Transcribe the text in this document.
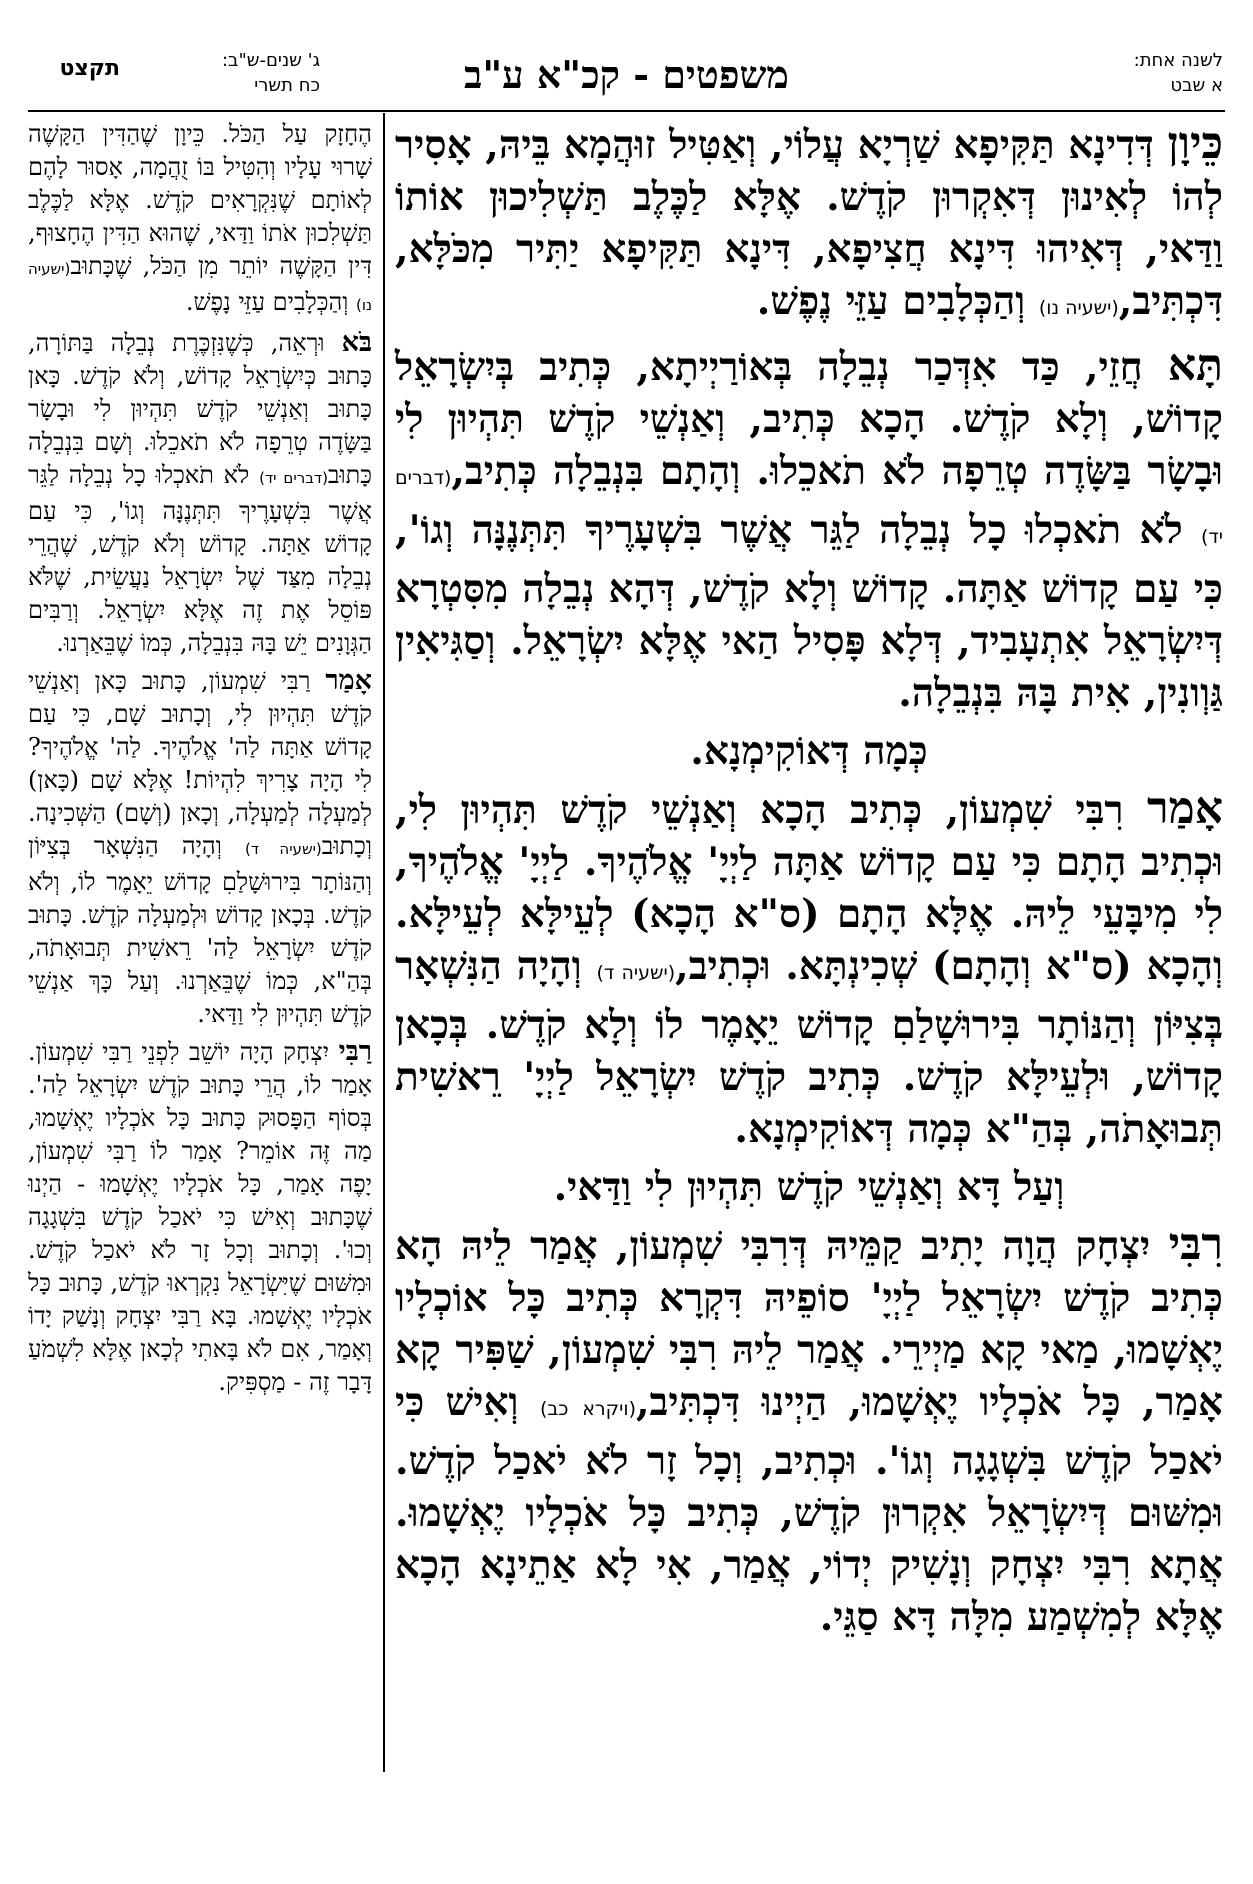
לשנה אחת:
א שבט
משפטים - קכ"א ע"ב
ג' שנים-ש"ב:
כח תשרי
תקצט

כֵּיוָן דְּדִינָא תַּקִּיפָא שַׁרְיָא עֲלוֹי, וְאַטִּיל זוּהֲמָא בֵּיהּ, אָסִיר לְהוֹ לְאִינוּן דְּאִקְרוּן קֹדֶשׁ. אֶלָּא לַכֶּלֶב תַּשְׁלִיכוּן אוֹתוֹ וַדַּאי, דְּאִיהוּ דִּינָא חֲצִיפָא, דִּינָא תַּקִּיפָא יַתִּיר מִכֹּלָּא, דִּכְתִּיב,(ישעיה נו) וְהַכְּלָבִים עַזֵּי נֶפֶשׁ.

תָּא חֲזֵי, כַּד אִדְּכַר נְבֵלָה בְּאוֹרַיְיתָא, כְּתִיב בְּיִשְׂרָאֵל קָדוֹשׁ, וְלָא קֹדֶשׁ. הָכָא כְּתִיב, וְאַנְשֵׁי קֹדֶשׁ תִּהְיוּן לִי וּבָשָׂר בַּשָּׂדֶה טְרֵפָה לֹא תֹאכֵלוּ. וְהָתָם בִּנְבֵלָה כְּתִיב,(דברים יד) לֹא תֹאכְלוּ כָל נְבֵלָה לַגֵּר אֲשֶׁר בִּשְׁעָרֶיךָ תִּתְּנֶנָּה וְגוֹ', כִּי עַם קָדוֹשׁ אַתָּה. קָדוֹשׁ וְלָא קֹדֶשׁ, דְּהָא נְבֵלָה מִסִּטְרָא דְּיִשְׂרָאֵל אִתְעָבִיד, דְּלָא פָּסִיל הַאי אֶלָּא יִשְׂרָאֵל. וְסַגִּיאִין גַּוְונִין, אִית בָּהּ בִּנְבֵלָה.

כְּמָה דְּאוֹקִימְנָא.

אָמַר רִבִּי שִׁמְעוֹן, כְּתִיב הָכָא וְאַנְשֵׁי קֹדֶשׁ תִּהְיוּן לִי, וּכְתִיב הָתָם כִּי עַם קָדוֹשׁ אַתָּה לַיְיָ' אֱלֹהֶיךָ. לַיְיָ' אֱלֹהֶיךָ, לִי מִיבָּעֵי לֵיהּ. אֶלָּא הָתָם (ס"א הָכָא) לְעֵילָּא לְעֵילָּא. וְהָכָא (ס"א וְהָתָם) שְׁכִינְתָּא. וּכְתִיב,(ישעיה ד) וְהָיָה הַנִּשְׁאָר בְּצִיּוֹן וְהַנּוֹתָר בִּירוּשָׁלַםִ קָדוֹשׁ יֵאָמֶר לוֹ וְלָא קֹדֶשׁ. בְּכָאן קָדוֹשׁ, וּלְעֵילָּא קֹדֶשׁ. כְּתִיב קֹדֶשׁ יִשְׂרָאֵל לַיְיָ' רֵאשִׁית תְּבוּאָתֹה, בְּהַ"א כְּמָה דְּאוֹקִימְנָא.

וְעַל דָּא וְאַנְשֵׁי קֹדֶשׁ תִּהְיוּן לִי וַדַּאי.

רִבִּי יִצְחָק הֲוָה יָתִיב קַמֵּיהּ דְּרִבִּי שִׁמְעוֹן, אֲמַר לֵיהּ הָא כְּתִיב קֹדֶשׁ יִשְׂרָאֵל לַיְיָ' סוֹפֵיהּ דִּקְרָא כְּתִיב כָּל אוֹכְלָיו יֶאְשָׁמוּ, מַאי קָא מַיְירֵי. אֲמַר לֵיהּ רִבִּי שִׁמְעוֹן, שַׁפִּיר קָא אָמַר, כָּל אֹכְלָיו יֶאְשָׁמוּ, הַיְינוּ דִּכְתִּיב,(ויקרא כב) וְאִישׁ כִּי יֹאכַל קֹדֶשׁ בִּשְׁגָגָה וְגוֹ'. וּכְתִיב, וְכָל זָר לֹא יֹאכַל קֹדֶשׁ. וּמִשּׁוּם דְּיִשְׂרָאֵל אִקְרוּן קֹדֶשׁ, כְּתִיב כָּל אֹכְלָיו יֶאְשָׁמוּ. אֲתָא רִבִּי יִצְחָק וְנָשִׁיק יְדוֹי, אֲמַר, אִי לָא אַתֵינָא הָכָא אֶלָּא לְמִשְׁמַע מִלָּה דָּא סַגֵּי.

הֶחָזָק עַל הַכֹּל. כֵּיוָן שֶׁהַדִּין הַקָּשֶׁה שָׁרוּי עָלָיו וְהִטִּיל בּוֹ זֻהֲמָה, אָסוּר לָהֶם לְאוֹתָם שֶׁנִּקְרָאִים קֹדֶשׁ. אֶלָּא לַכֶּלֶב תַּשְׁלִכוּן אֹתוֹ וַדַּאי, שֶׁהוּא הַדִּין הֶחָצוּף, דִּין הַקָּשֶׁה יוֹתֵר מִן הַכֹּל, שֶׁכָּתוּב(ישעיה נו) וְהַכְּלָבִים עַזֵּי נָפֶשׁ.

בֹּא וּרְאֵה, כְּשֶׁנִּזְכֶּרֶת נְבֵלָה בַּתּוֹרָה, כָּתוּב כְּיִשְׂרָאֵל קָדוֹשׁ, וְלֹא קֹדֶשׁ. כָּאן כָּתוּב וְאַנְשֵׁי קֹדֶשׁ תִּהְיוּן לִי וּבָשָׂר בַּשָּׂדֶה טְרֵפָה לֹא תֹאכֵלוּ. וְשָׁם בִּנְבֵלָה כָּתוּב(דברים יד) לֹא תֹאכְלוּ כָל נְבֵלָה לַגֵּר אֲשֶׁר בִּשְׁעָרֶיךָ תִּתְּנֶנָּה וְגוֹ', כִּי עַם קָדוֹשׁ אַתָּה. קָדוֹשׁ וְלֹא קֹדֶשׁ, שֶׁהֲרֵי נְבֵלָה מִצַּד שֶׁל יִשְׂרָאֵל נַעֲשֵׂית, שֶׁלֹּא פּוֹסֵל אֶת זֶה אֶלָּא יִשְׂרָאֵל. וְרַבִּים הַגְּוָנִים יֵשׁ בָּהּ בִּנְבֵלָה, כְּמוֹ שֶׁבֵּאַרְנוּ.

אָמַר רַבִּי שִׁמְעוֹן, כָּתוּב כָּאן וְאַנְשֵׁי קֹדֶשׁ תִּהְיוּן לִי, וְכָתוּב שָׁם, כִּי עַם קָדוֹשׁ אַתָּה לַה' אֱלֹהֶיךָ. לַה' אֱלֹהֶיךָ? לִי הָיָה צָרִיךְ לִהְיוֹת! אֶלָּא שָׁם (כָּאן) לְמַעְלָה לְמַעְלָה, וְכָאן (וְשָׁם) הַשְּׁכִינָה. וְכָתוּב(ישעיה ד) וְהָיָה הַנִּשְׁאָר בְּצִיּוֹן וְהַנּוֹתָר בִּירוּשָׁלַםִ קָדוֹשׁ יֵאָמֶר לוֹ, וְלֹא קֹדֶשׁ. בְּכָאן קָדוֹשׁ וּלְמַעְלָה קֹדֶשׁ. כָּתוּב קֹדֶשׁ יִשְׂרָאֵל לַה' רֵאשִׁית תְּבוּאָתֹה, בְּהַ"א, כְּמוֹ שֶׁבֵּאַרְנוּ. וְעַל כָּךְ אַנְשֵׁי קֹדֶשׁ תִּהְיוּן לִי וַדַּאי.

רַבִּי יִצְחָק הָיָה יוֹשֵׁב לִפְנֵי רַבִּי שִׁמְעוֹן. אָמַר לוֹ, הֲרֵי כָּתוּב קֹדֶשׁ יִשְׂרָאֵל לַה'. בְּסוֹף הַפָּסוּק כָּתוּב כָּל אֹכְלָיו יֶאְשָׁמוּ, מַה זֶּה אוֹמֵר? אָמַר לוֹ רַבִּי שִׁמְעוֹן, יָפֶה אָמַר, כָּל אֹכְלָיו יֶאְשָׁמוּ - הַיְנוּ שֶׁכָּתוּב וְאִישׁ כִּי יֹאכַל קֹדֶשׁ בִּשְׁגָגָה וְכוּ'. וְכָתוּב וְכָל זָר לֹא יֹאכַל קֹדֶשׁ. וּמִשּׁוּם שֶׁיִּשְׂרָאֵל נִקְרְאוּ קֹדֶשׁ, כָּתוּב כָּל אֹכְלָיו יֶאְשָׁמוּ. בָּא רַבִּי יִצְחָק וְנָשַׁק יָדוֹ וְאָמַר, אִם לֹא בָּאתִי לְכָאן אֶלָּא לִשְׁמֹעַ דָּבָר זֶה - מַסְפִּיק.
